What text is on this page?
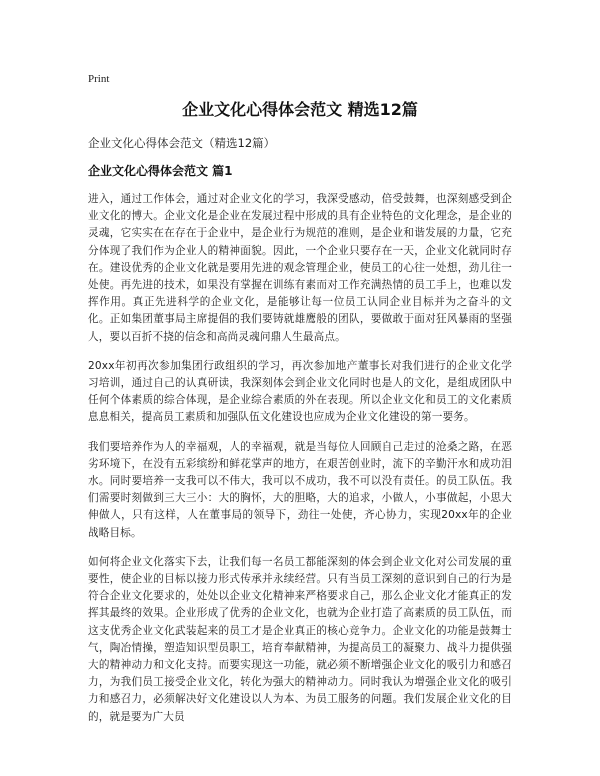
Print
企业文化心得体会范文 精选12篇
企业文化心得体会范文（精选12篇）
企业文化心得体会范文 篇1

进入，通过工作体会，通过对企业文化的学习，我深受感动，倍受鼓舞，也深刻感受到企业文化的博大。企业文化是企业在发展过程中形成的具有企业特色的文化理念，是企业的灵魂，它实实在在存在于企业中，是企业行为规范的准则，是企业和谐发展的力量，它充分体现了我们作为企业人的精神面貌。因此，一个企业只要存在一天，企业文化就同时存在。建设优秀的企业文化就是要用先进的观念管理企业，使员工的心往一处想，劲儿往一处使。再先进的技术，如果没有掌握在训练有素而对工作充满热情的员工手上，也难以发挥作用。真正先进科学的企业文化，是能够让每一位员工认同企业目标并为之奋斗的文化。正如集团董事局主席提倡的我们要铸就雄鹰般的团队，要做敢于面对狂风暴雨的坚强人，要以百折不挠的信念和高尚灵魂问鼎人生最高点。

20xx年初再次参加集团行政组织的学习，再次参加地产董事长对我们进行的企业文化学习培训，通过自己的认真研读，我深刻体会到企业文化同时也是人的文化，是组成团队中任何个体素质的综合体现，是企业综合素质的外在表现。所以企业文化和员工的文化素质息息相关，提高员工素质和加强队伍文化建设也应成为企业文化建设的第一要务。

我们要培养作为人的幸福观，人的幸福观，就是当每位人回顾自己走过的沧桑之路，在恶劣环境下，在没有五彩缤纷和鲜花掌声的地方，在艰苦创业时，流下的辛勤汗水和成功泪水。同时要培养一支我可以不伟大，我可以不成功，我不可以没有责任。的员工队伍。我们需要时刻做到三大三小：大的胸怀，大的胆略，大的追求，小做人，小事做起，小思大伸做人，只有这样，人在董事局的领导下，劲往一处使，齐心协力，实现20xx年的企业战略目标。

如何将企业文化落实下去，让我们每一名员工都能深刻的体会到企业文化对公司发展的重要性，使企业的目标以接力形式传承并永续经营。只有当员工深刻的意识到自己的行为是符合企业文化要求的，处处以企业文化精神来严格要求自己，那么企业文化才能真正的发挥其最终的效果。企业形成了优秀的企业文化，也就为企业打造了高素质的员工队伍，而这支优秀企业文化武装起来的员工才是企业真正的核心竞争力。企业文化的功能是鼓舞士气，陶冶情操，塑造知识型员职工，培育奉献精神，为提高员工的凝聚力、战斗力提供强大的精神动力和文化支持。而要实现这一功能，就必须不断增强企业文化的吸引力和感召力，为我们员工接受企业文化，转化为强大的精神动力。同时我认为增强企业文化的吸引力和感召力，必须解决好文化建设以人为本、为员工服务的问题。我们发展企业文化的目的，就是要为广大员
